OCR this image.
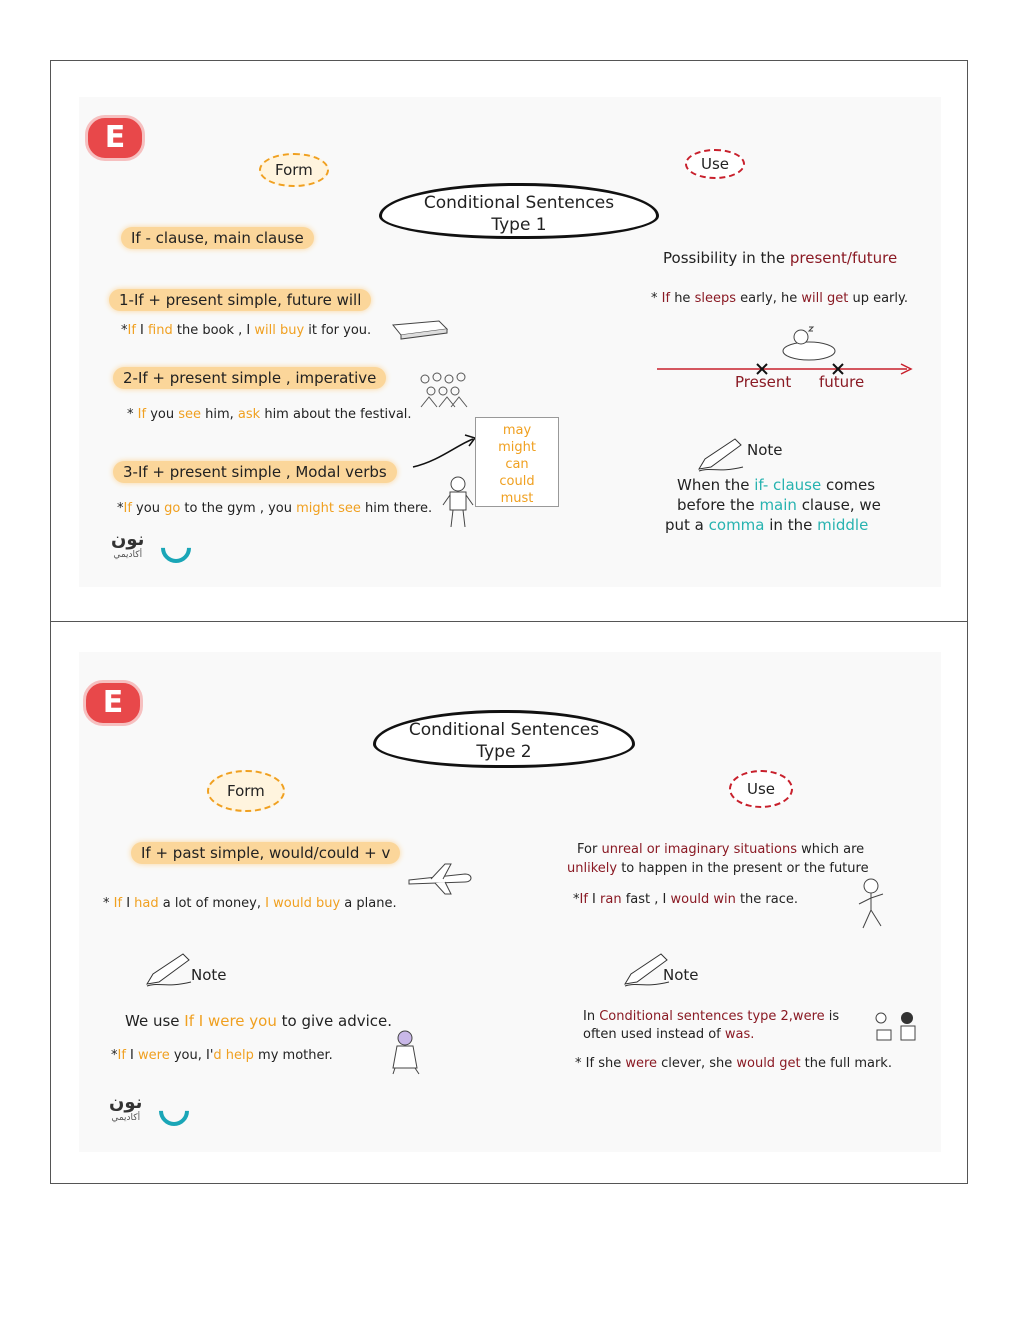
E
Form	Use
Conditional Sentences
Type 1
If - clause, main clause
1-If + present simple, future will
*If I find the book , I will buy it for you.
2-If + present simple , imperative
* If you see him, ask him about the festival.
3-If + present simple , Modal verbs
*If you go to the gym , you might see him there.
may
might
can
could
must
نون
أكاديمي
Possibility in the present/future
* If he sleeps early, he will get up early.
Present future
Note
When the if- clause comes
before the main clause, we
put a comma in the middle
E
Conditional Sentences
Type 2
Form	Use
If + past simple, would/could + v
* If I had a lot of money, I would buy a plane.
For unreal or imaginary situations which are
unlikely to happen in the present or the future
*If I ran fast , I would win the race.
Note
We use If I were you to give advice.
*If I were you, I'd help my mother.
Note
In Conditional sentences type 2,were is
often used instead of was.
* If she were clever, she would get the full mark.
نون
أكاديمي
